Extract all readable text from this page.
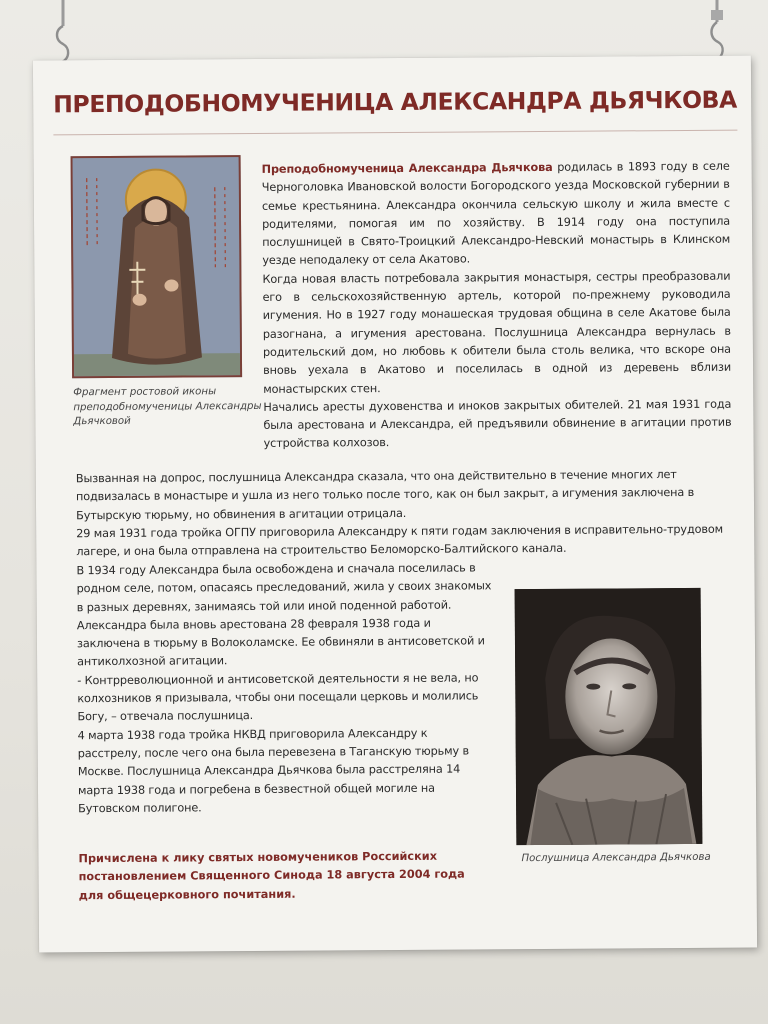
ПРЕПОДОБНОМУЧЕНИЦА АЛЕКСАНДРА ДЬЯЧКОВА
Фрагмент ростовой иконы преподобномученицы Александры Дьячковой

Преподобномученица Александра Дьячкова родилась в 1893 году в селе Черноголовка Ивановской волости Богородского уезда Московской губернии в семье крестьянина. Александра окончила сельскую школу и жила вместе с родителями, помогая им по хозяйству. В 1914 году она поступила послушницей в Свято-Троицкий Александро-Невский монастырь в Клинском уезде неподалеку от села Акатово.

Когда новая власть потребовала закрытия монастыря, сестры преобразовали его в сельскохозяйственную артель, которой по-прежнему руководила игумения. Но в 1927 году монашеская трудовая община в селе Акатове была разогнана, а игумения арестована. Послушница Александра вернулась в родительский дом, но любовь к обители была столь велика, что вскоре она вновь уехала в Акатово и поселилась в одной из деревень вблизи монастырских стен.

Начались аресты духовенства и иноков закрытых обителей. 21 мая 1931 года была арестована и Александра, ей предъявили обвинение в агитации против устройства колхозов.

Вызванная на допрос, послушница Александра сказала, что она действительно в течение многих лет подвизалась в монастыре и ушла из него только после того, как он был закрыт, а игумения заключена в Бутырскую тюрьму, но обвинения в агитации отрицала.

29 мая 1931 года тройка ОГПУ приговорила Александру к пяти годам заключения в исправительно-трудовом лагере, и она была отправлена на строительство Беломорско-Балтийского канала.

В 1934 году Александра была освобождена и сначала поселилась в родном селе, потом, опасаясь преследований, жила у своих знакомых в разных деревнях, занимаясь той или иной поденной работой.

Александра была вновь арестована 28 февраля 1938 года и заключена в тюрьму в Волоколамске. Ее обвиняли в антисоветской и антиколхозной агитации.

- Контрреволюционной и антисоветской деятельности я не вела, но колхозников я призывала, чтобы они посещали церковь и молились Богу, – отвечала послушница.

4 марта 1938 года тройка НКВД приговорила Александру к расстрелу, после чего она была перевезена в Таганскую тюрьму в Москве. Послушница Александра Дьячкова была расстреляна 14 марта 1938 года и погребена в безвестной общей могиле на Бутовском полигоне.

Причислена к лику святых новомучеников Российских постановлением Священного Синода 18 августа 2004 года для общецерковного почитания.
Послушница Александра Дьячкова
